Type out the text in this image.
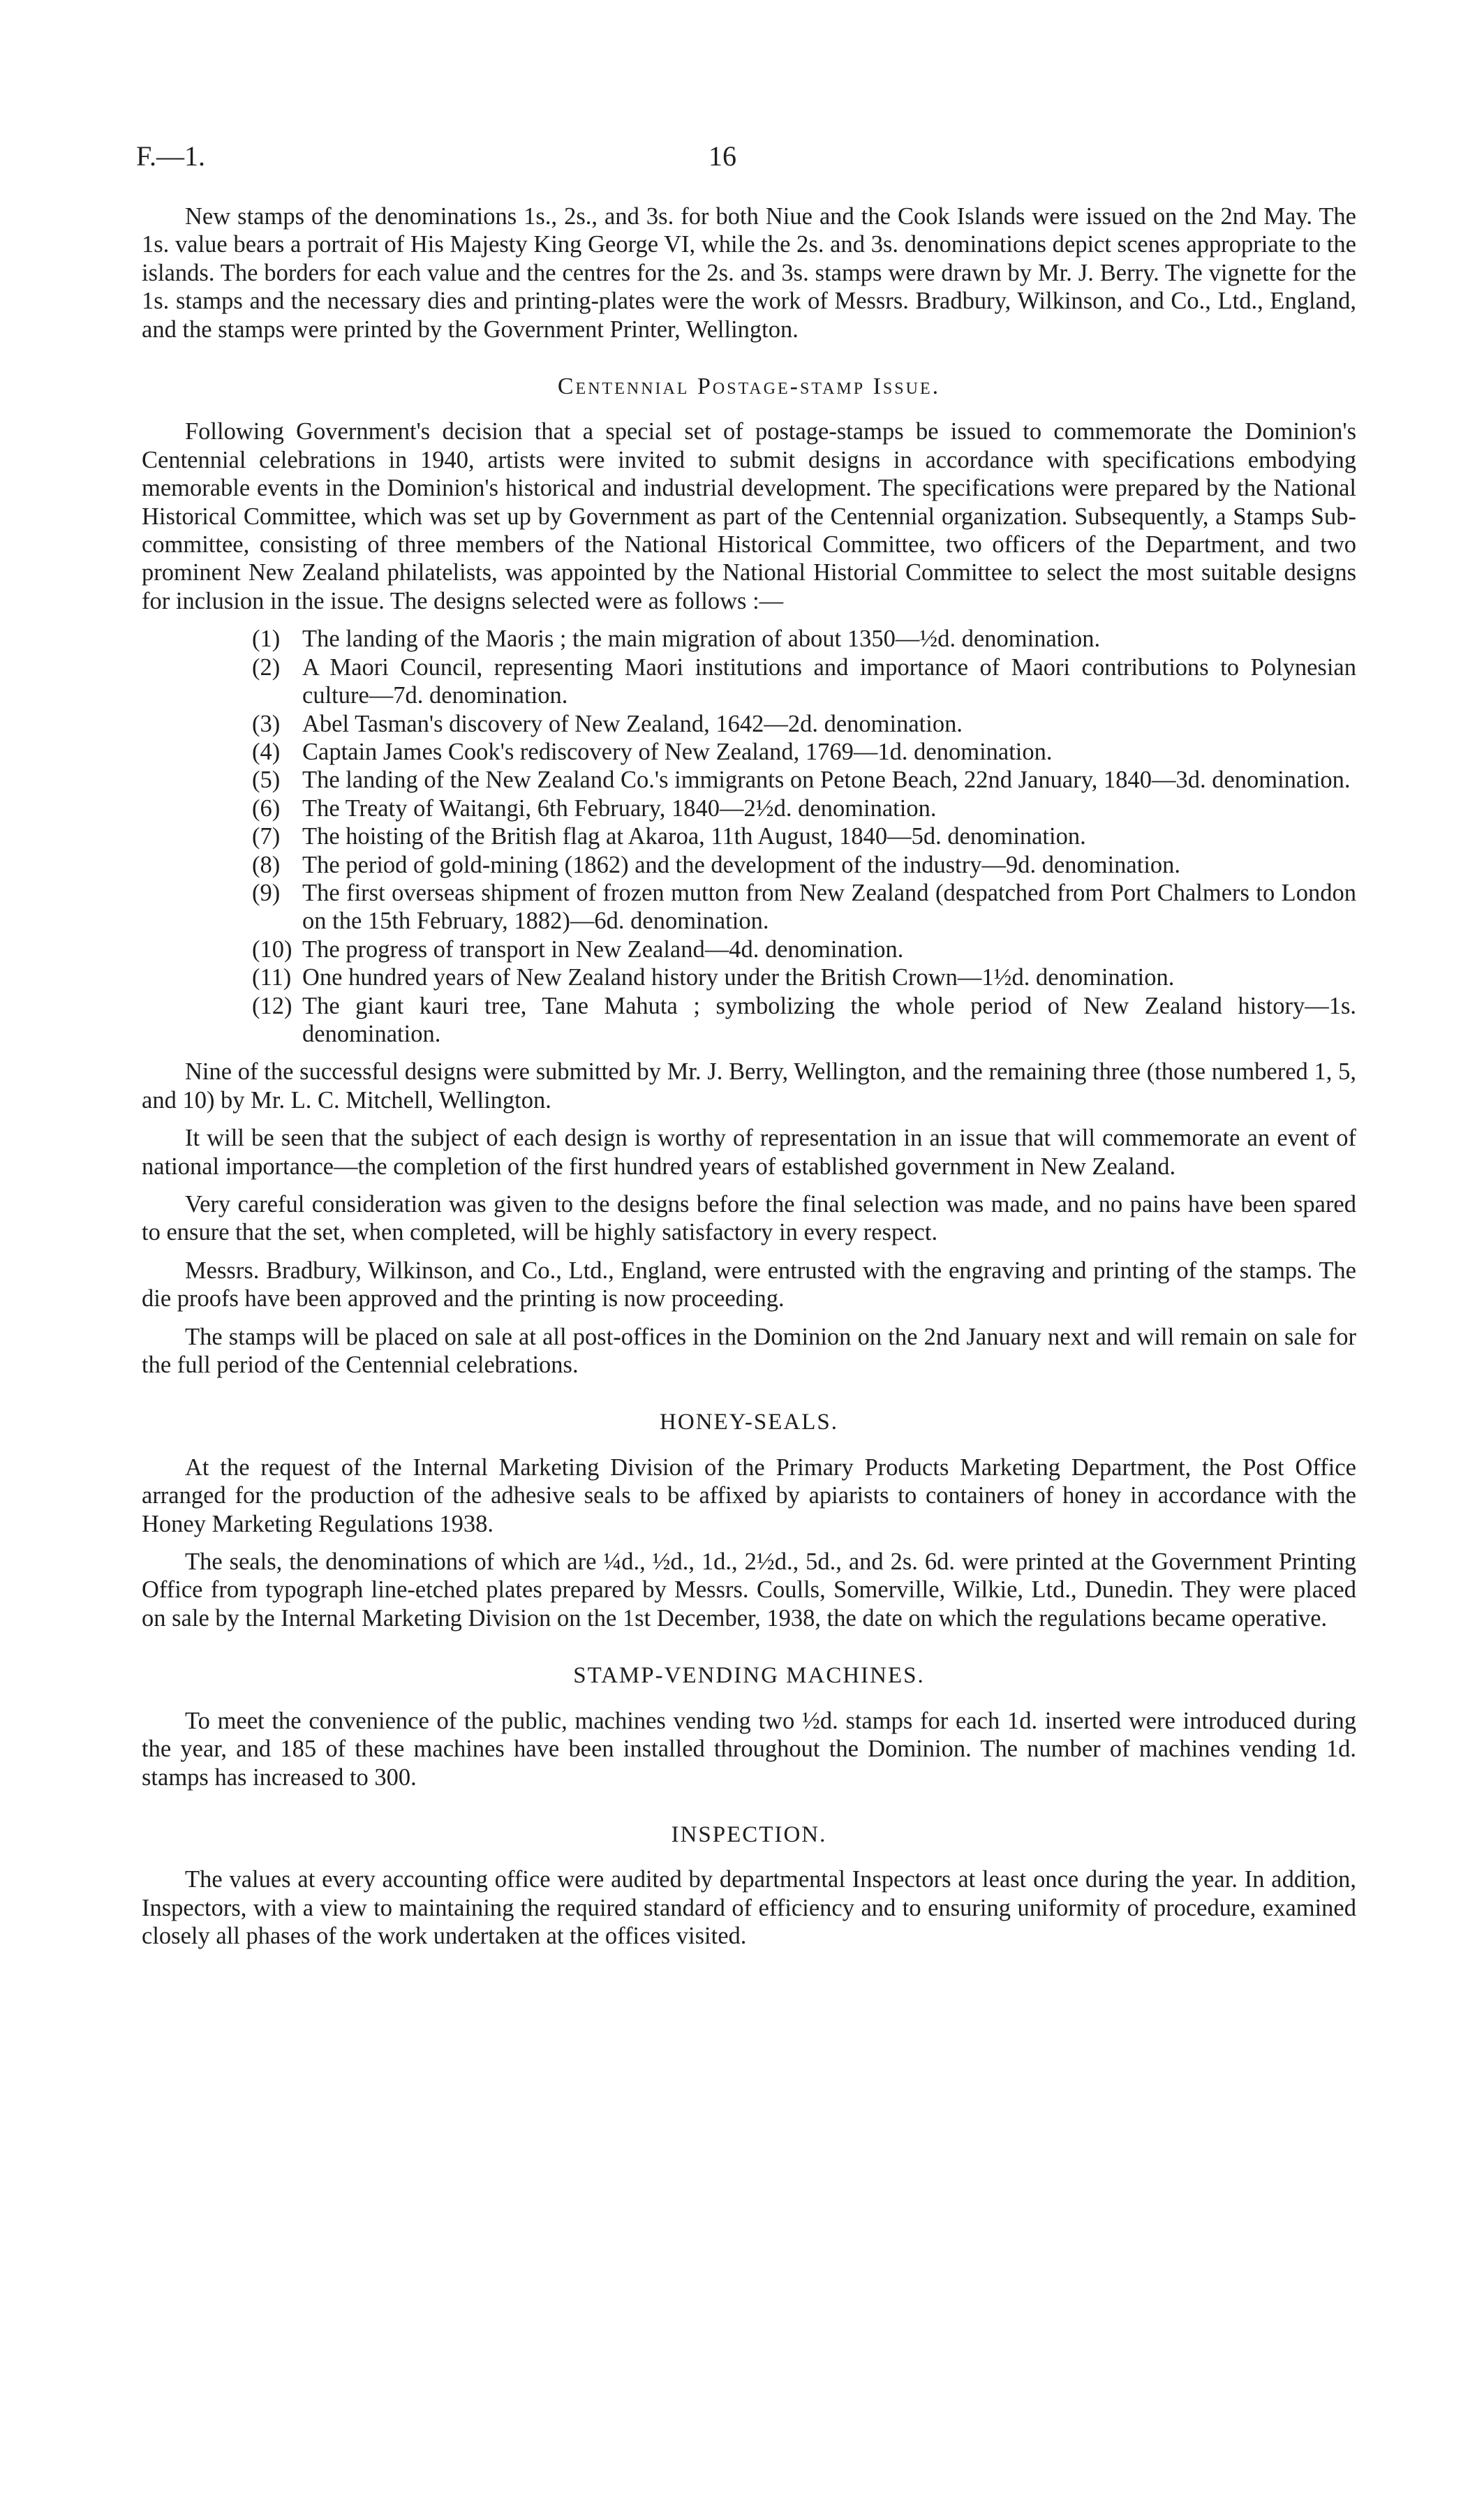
F.—1.	16

New stamps of the denominations 1s., 2s., and 3s. for both Niue and the Cook Islands were issued on the 2nd May. The 1s. value bears a portrait of His Majesty King George VI, while the 2s. and 3s. denominations depict scenes appropriate to the islands. The borders for each value and the centres for the 2s. and 3s. stamps were drawn by Mr. J. Berry. The vignette for the 1s. stamps and the necessary dies and printing-plates were the work of Messrs. Bradbury, Wilkinson, and Co., Ltd., England, and the stamps were printed by the Government Printer, Wellington.

Centennial Postage-stamp Issue.

Following Government's decision that a special set of postage-stamps be issued to commemorate the Dominion's Centennial celebrations in 1940, artists were invited to submit designs in accordance with specifications embodying memorable events in the Dominion's historical and industrial development. The specifications were prepared by the National Historical Committee, which was set up by Government as part of the Centennial organization. Subsequently, a Stamps Sub-committee, consisting of three members of the National Historical Committee, two officers of the Department, and two prominent New Zealand philatelists, was appointed by the National Historial Committee to select the most suitable designs for inclusion in the issue. The designs selected were as follows :—

(1) The landing of the Maoris ; the main migration of about 1350—½d. denomination.
(2) A Maori Council, representing Maori institutions and importance of Maori contributions to Polynesian culture—7d. denomination.
(3) Abel Tasman's discovery of New Zealand, 1642—2d. denomination.
(4) Captain James Cook's rediscovery of New Zealand, 1769—1d. denomination.
(5) The landing of the New Zealand Co.'s immigrants on Petone Beach, 22nd January, 1840—3d. denomination.
(6) The Treaty of Waitangi, 6th February, 1840—2½d. denomination.
(7) The hoisting of the British flag at Akaroa, 11th August, 1840—5d. denomination.
(8) The period of gold-mining (1862) and the development of the industry—9d. denomination.
(9) The first overseas shipment of frozen mutton from New Zealand (despatched from Port Chalmers to London on the 15th February, 1882)—6d. denomination.
(10) The progress of transport in New Zealand—4d. denomination.
(11) One hundred years of New Zealand history under the British Crown—1½d. denomination.
(12) The giant kauri tree, Tane Mahuta ; symbolizing the whole period of New Zealand history—1s. denomination.

Nine of the successful designs were submitted by Mr. J. Berry, Wellington, and the remaining three (those numbered 1, 5, and 10) by Mr. L. C. Mitchell, Wellington.

It will be seen that the subject of each design is worthy of representation in an issue that will commemorate an event of national importance—the completion of the first hundred years of established government in New Zealand.

Very careful consideration was given to the designs before the final selection was made, and no pains have been spared to ensure that the set, when completed, will be highly satisfactory in every respect.

Messrs. Bradbury, Wilkinson, and Co., Ltd., England, were entrusted with the engraving and printing of the stamps. The die proofs have been approved and the printing is now proceeding.

The stamps will be placed on sale at all post-offices in the Dominion on the 2nd January next and will remain on sale for the full period of the Centennial celebrations.

HONEY-SEALS.

At the request of the Internal Marketing Division of the Primary Products Marketing Department, the Post Office arranged for the production of the adhesive seals to be affixed by apiarists to containers of honey in accordance with the Honey Marketing Regulations 1938.

The seals, the denominations of which are ¼d., ½d., 1d., 2½d., 5d., and 2s. 6d. were printed at the Government Printing Office from typograph line-etched plates prepared by Messrs. Coulls, Somerville, Wilkie, Ltd., Dunedin. They were placed on sale by the Internal Marketing Division on the 1st December, 1938, the date on which the regulations became operative.

STAMP-VENDING MACHINES.

To meet the convenience of the public, machines vending two ½d. stamps for each 1d. inserted were introduced during the year, and 185 of these machines have been installed throughout the Dominion. The number of machines vending 1d. stamps has increased to 300.

INSPECTION.

The values at every accounting office were audited by departmental Inspectors at least once during the year. In addition, Inspectors, with a view to maintaining the required standard of efficiency and to ensuring uniformity of procedure, examined closely all phases of the work undertaken at the offices visited.
